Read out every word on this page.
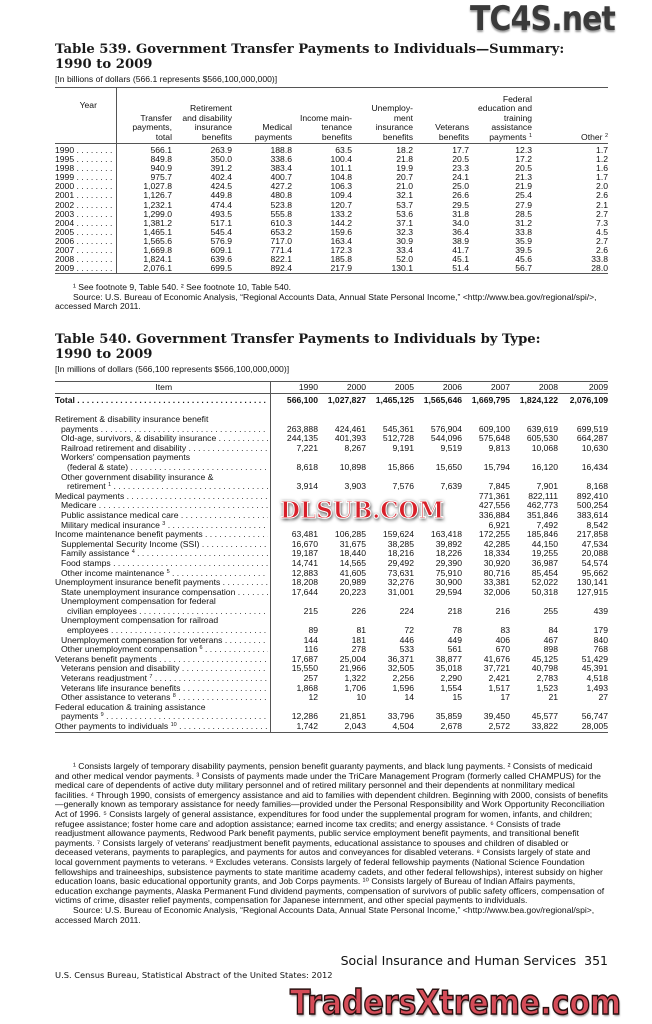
Table 539. Government Transfer Payments to Individuals—Summary:
1990 to 2009
[In billions of dollars (566.1 represents $566,100,000,000)]
Year	Transfer payments, total	Retirement and disability insurance benefits	Medical payments	Income main-tenance benefits	Unemploy-ment insurance benefits	Veterans benefits	Federal education and training assistance payments $^1$	Other $^2$

1990 . . .	566.1	263.9	188.8	63.5	18.2	17.7	12.3	1.7

1995 . . .	849.8	350.0	338.6	100.4	21.8	20.5	17.2	1.2

1998 . . .	940.9	391.2	383.4	101.1	19.9	23.3	20.5	1.6

1999 . . .	975.7	402.4	400.7	104.8	20.7	24.1	21.3	1.7

2000 . . .	1,027.8	424.5	427.2	106.3	21.0	25.0	21.9	2.0

2001 . . .	1,126.7	449.8	480.8	109.4	32.1	26.6	25.4	2.6

2002 . . .	1,232.1	474.4	523.8	120.7	53.7	29.5	27.9	2.1

2003 . . .	1,299.0	493.5	555.8	133.2	53.6	31.8	28.5	2.7

2004 . . .	1,381.2	517.1	610.3	144.2	37.1	34.0	31.2	7.3

2005 . . .	1,465.1	545.4	653.2	159.6	32.3	36.4	33.8	4.5

2006 . . .	1,565.6	576.9	717.0	163.4	30.9	38.9	35.9	2.7

2007 . . .	1,669.8	609.1	771.4	172.3	33.4	41.7	39.5	2.6

2008 . . .	1,824.1	639.6	822.1	185.8	52.0	45.1	45.6	33.8

2009 . . .	2,076.1	699.5	892.4	217.9	130.1	51.4	56.7	28.0

¹ See footnote 9, Table 540. ² See footnote 10, Table 540.

Source: U.S. Bureau of Economic Analysis, “Regional Accounts Data, Annual State Personal Income,” <http://www.bea.gov/regional/spi/>, accessed March 2011.

Table 540. Government Transfer Payments to Individuals by Type:
1990 to 2009
[In millions of dollars (566,100 represents $566,100,000,000)]
Item	1990	2000	2005	2006	2007	2008	2009

Total . . .	566,100	1,027,827	1,465,125	1,565,646	1,669,795	1,824,122	2,076,109

Retirement & disability insurance benefit							

payments . . .	263,888	424,461	545,361	576,904	609,100	639,619	699,519

Old-age, survivors, & disability insurance . . .	244,135	401,393	512,728	544,096	575,648	605,530	664,287

Railroad retirement and disability . . .	7,221	8,267	9,191	9,519	9,813	10,068	10,630

Workers' compensation payments							

(federal & state) . . .	8,618	10,898	15,866	15,650	15,794	16,120	16,434

Other government disability insurance &							

retirement $^1$ . . .	3,914	3,903	7,576	7,639	7,845	7,901	8,168

Medical payments . . .					771,361	822,111	892,410

Medicare . . .					427,556	462,773	500,254

Public assistance medical care . . .					336,884	351,846	383,614

Military medical insurance $^3$ . . .					6,921	7,492	8,542

Income maintenance benefit payments . . .	63,481	106,285	159,624	163,418	172,255	185,846	217,858

Supplemental Security Income (SSI) . . .	16,670	31,675	38,285	39,892	42,285	44,150	47,534

Family assistance $^4$ . . .	19,187	18,440	18,216	18,226	18,334	19,255	20,088

Food stamps . . .	14,741	14,565	29,492	29,390	30,920	36,987	54,574

Other income maintenance $^5$ . . .	12,883	41,605	73,631	75,910	80,716	85,454	95,662

Unemployment insurance benefit payments . . .	18,208	20,989	32,276	30,900	33,381	52,022	130,141

State unemployment insurance compensation . . .	17,644	20,223	31,001	29,594	32,006	50,318	127,915

Unemployment compensation for federal							

civilian employees . . .	215	226	224	218	216	255	439

Unemployment compensation for railroad							

employees . . .	89	81	72	78	83	84	179

Unemployment compensation for veterans . . .	144	181	446	449	406	467	840

Other unemployment compensation $^6$ . . .	116	278	533	561	670	898	768

Veterans benefit payments . . .	17,687	25,004	36,371	38,877	41,676	45,125	51,429

Veterans pension and disability . . .	15,550	21,966	32,505	35,018	37,721	40,798	45,391

Veterans readjustment $^7$ . . .	257	1,322	2,256	2,290	2,421	2,783	4,518

Veterans life insurance benefits . . .	1,868	1,706	1,596	1,554	1,517	1,523	1,493

Other assistance to veterans $^8$ . . .	12	10	14	15	17	21	27

Federal education & training assistance							

payments $^9$ . . .	12,286	21,851	33,796	35,859	39,450	45,577	56,747

Other payments to individuals $^{10}$ . . .	1,742	2,043	4,504	2,678	2,572	33,822	28,005

¹ Consists largely of temporary disability payments, pension benefit guaranty payments, and black lung payments. ² Consists of medicaid and other medical vendor payments. ³ Consists of payments made under the TriCare Management Program (formerly called CHAMPUS) for the medical care of dependents of active duty military personnel and of retired military personnel and their dependents at nonmilitary medical facilities. ⁴ Through 1990, consists of emergency assistance and aid to families with dependent children. Beginning with 2000, consists of benefits—generally known as temporary assistance for needy families—provided under the Personal Responsibility and Work Opportunity Reconciliation Act of 1996. ⁵ Consists largely of general assistance, expenditures for food under the supplemental program for women, infants, and children; refugee assistance; foster home care and adoption assistance; earned income tax credits; and energy assistance. ⁶ Consists of trade readjustment allowance payments, Redwood Park benefit payments, public service employment benefit payments, and transitional benefit payments. ⁷ Consists largely of veterans' readjustment benefit payments, educational assistance to spouses and children of disabled or deceased veterans, payments to paraplegics, and payments for autos and conveyances for disabled veterans. ⁸ Consists largely of state and local government payments to veterans. ⁹ Excludes veterans. Consists largely of federal fellowship payments (National Science Foundation fellowships and traineeships, subsistence payments to state maritime academy cadets, and other federal fellowships), interest subsidy on higher education loans, basic educational opportunity grants, and Job Corps payments. ¹⁰ Consists largely of Bureau of Indian Affairs payments, education exchange payments, Alaska Permanent Fund dividend payments, compensation of survivors of public safety officers, compensation of victims of crime, disaster relief payments, compensation for Japanese internment, and other special payments to individuals.

Source: U.S. Bureau of Economic Analysis, “Regional Accounts Data, Annual State Personal Income,” <http://www.bea.gov/regional/spi>, accessed March 2011.

Social Insurance and Human Services 351
U.S. Census Bureau, Statistical Abstract of the United States: 2012
TC4S.net
DLSUB.COM
TradersXtreme.com
